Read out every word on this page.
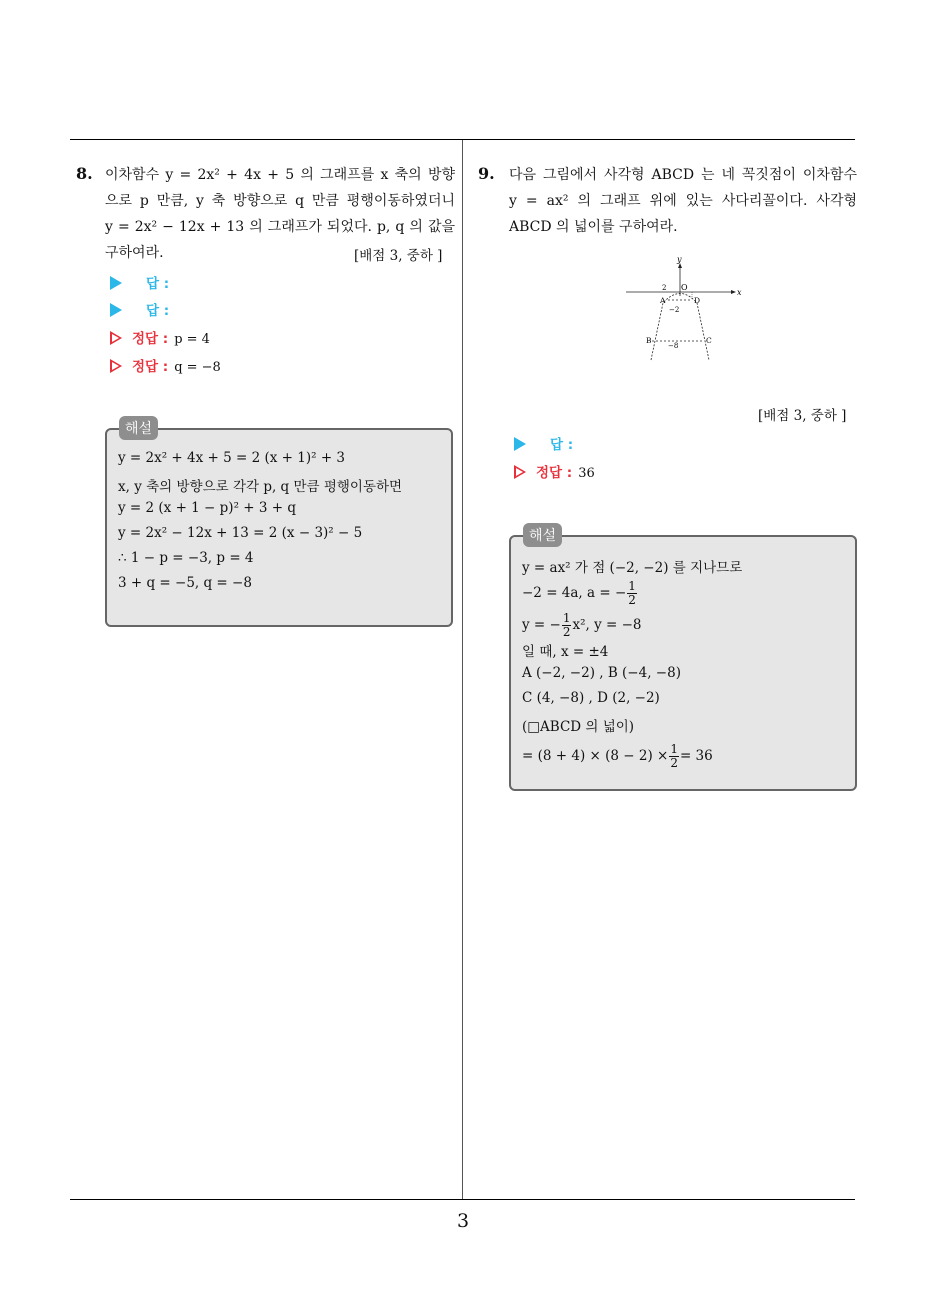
3
8. 이차함수 y = 2x² + 4x + 5 의 그래프를 x 축의 방향
으로 p 만큼, y 축 방향으로 q 만큼 평행이동하였더니
y = 2x² − 12x + 13 의 그래프가 되었다. p, q 의 값을
구하여라.	[배점 3, 중하 ]
답 :
답 :
정답 : p = 4
정답 : q = −8
해설
y = 2x² + 4x + 5 = 2 (x + 1)² + 3
x, y 축의 방향으로 각각 p, q 만큼 평행이동하면
y = 2 (x + 1 − p)² + 3 + q
y = 2x² − 12x + 13 = 2 (x − 3)² − 5
∴ 1 − p = −3, p = 4
3 + q = −5, q = −8
9. 다음 그림에서 사각형 ABCD 는 네 꼭짓점이 이차함수
y = ax² 의 그래프 위에 있는 사다리꼴이다. 사각형
ABCD 의 넓이를 구하여라.
y
x
O
2
A	D
−2
B	C
−8
[배점 3, 중하 ]
답 :
정답 : 36
해설
y = ax² 가 점 (−2, −2) 를 지나므로
−2 = 4a, a = − $\frac{1}{2}$
y = − $\frac{1}{2} x^2$, y = −8
일 때, x = ±4
A (−2, −2) , B (−4, −8)
C (4, −8) , D (2, −2)
(□ABCD 의 넓이)
= $(8 + 4) \times (8 - 2) \times \frac{1}{2} = 36$
